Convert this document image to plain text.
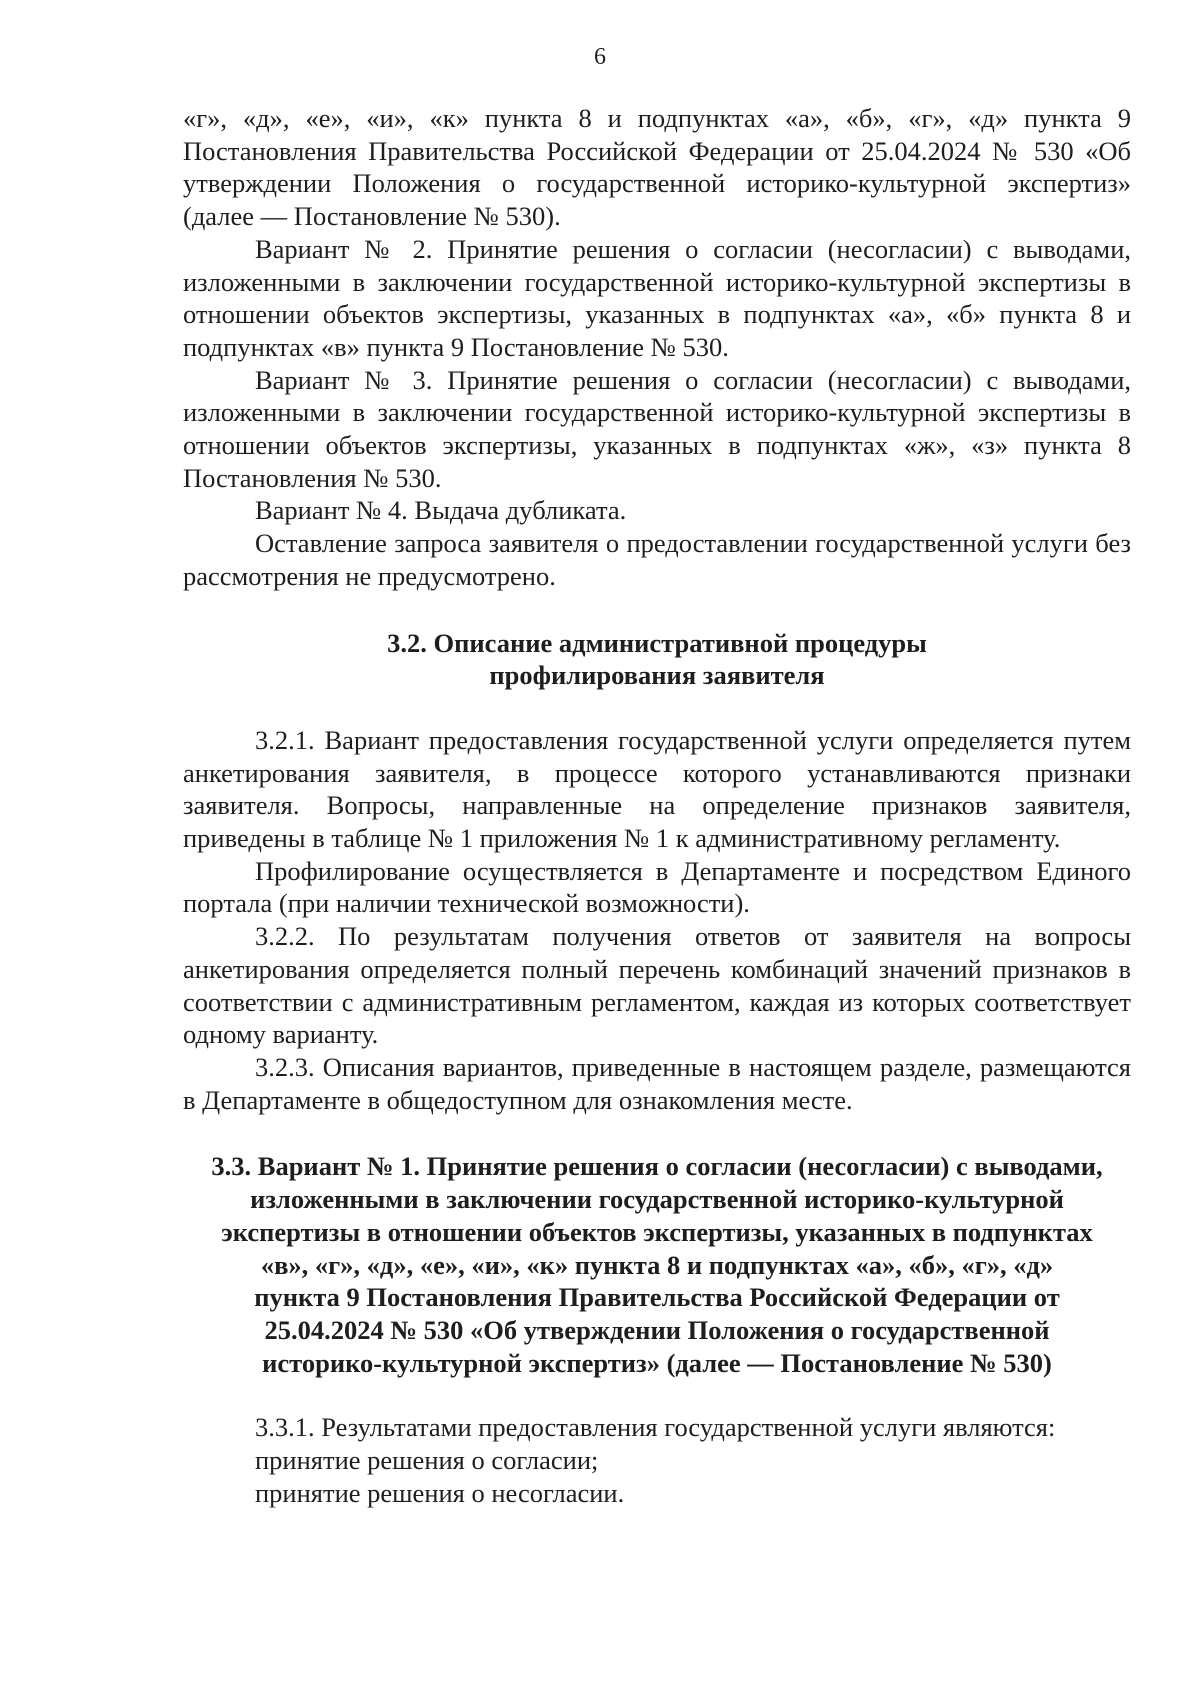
6

«г», «д», «е», «и», «к» пункта 8 и подпунктах «а», «б», «г», «д» пункта 9 Постановления Правительства Российской Федерации от 25.04.2024 № 530 «Об утверждении Положения о государственной историко-культурной экспертиз» (далее — Постановление № 530).

Вариант № 2. Принятие решения о согласии (несогласии) с выводами, изложенными в заключении государственной историко-культурной экспертизы в отношении объектов экспертизы, указанных в подпунктах «а», «б» пункта 8 и подпунктах «в» пункта 9 Постановление № 530.

Вариант № 3. Принятие решения о согласии (несогласии) с выводами, изложенными в заключении государственной историко-культурной экспертизы в отношении объектов экспертизы, указанных в подпунктах «ж», «з» пункта 8 Постановления № 530.

Вариант № 4. Выдача дубликата.

Оставление запроса заявителя о предоставлении государственной услуги без рассмотрения не предусмотрено.

3.2. Описание административной процедуры
профилирования заявителя

3.2.1. Вариант предоставления государственной услуги определяется путем анкетирования заявителя, в процессе которого устанавливаются признаки заявителя. Вопросы, направленные на определение признаков заявителя, приведены в таблице № 1 приложения № 1 к административному регламенту.

Профилирование осуществляется в Департаменте и посредством Единого портала (при наличии технической возможности).

3.2.2. По результатам получения ответов от заявителя на вопросы анкетирования определяется полный перечень комбинаций значений признаков в соответствии с административным регламентом, каждая из которых соответствует одному варианту.

3.2.3. Описания вариантов, приведенные в настоящем разделе, размещаются в Департаменте в общедоступном для ознакомления месте.

3.3. Вариант № 1. Принятие решения о согласии (несогласии) с выводами,
изложенными в заключении государственной историко-культурной
экспертизы в отношении объектов экспертизы, указанных в подпунктах
«в», «г», «д», «е», «и», «к» пункта 8 и подпунктах «а», «б», «г», «д»
пункта 9 Постановления Правительства Российской Федерации от
25.04.2024 № 530 «Об утверждении Положения о государственной
историко-культурной экспертиз» (далее — Постановление № 530)

3.3.1. Результатами предоставления государственной услуги являются:

принятие решения о согласии;

принятие решения о несогласии.
